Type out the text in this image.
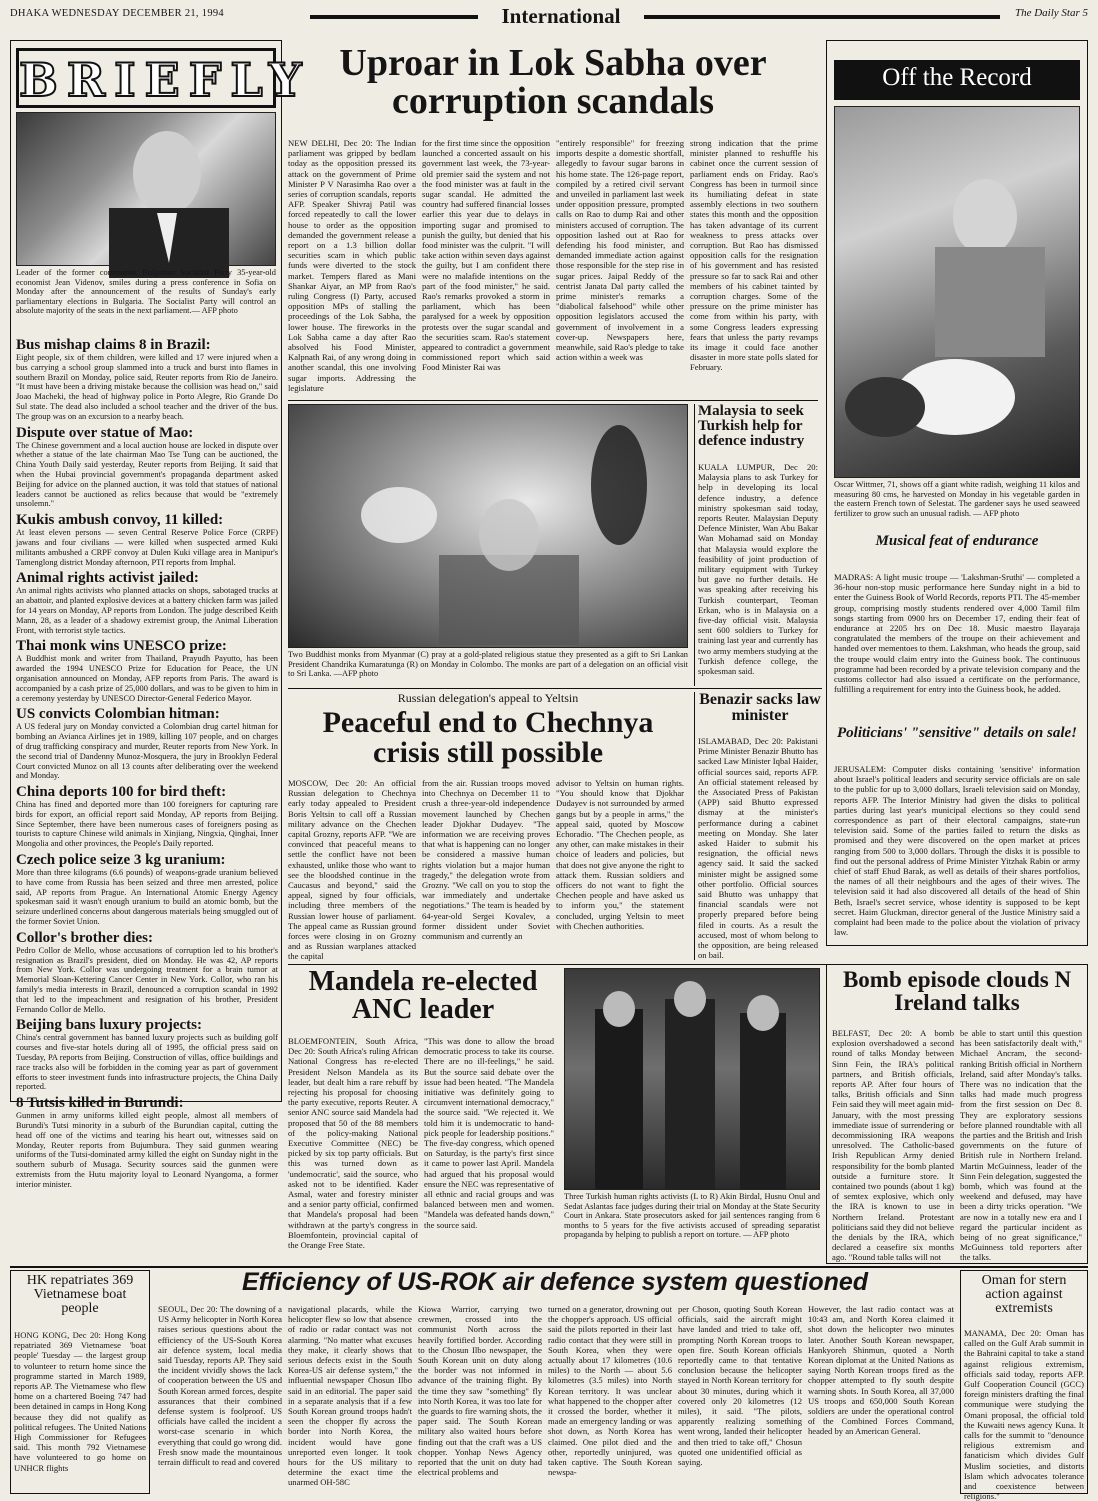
DHAKA WEDNESDAY DECEMBER 21, 1994	International	The Daily Star 5
BRIEFLY
Leader of the former communist Bulgarian Socialist Party 35-year-old economist Jean Videnov, smiles during a press conference in Sofia on Monday after the announcement of the results of Sunday's early parliamentary elections in Bulgaria. The Socialist Party will control an absolute majority of the seats in the next parliament.— AFP photo
Bus mishap claims 8 in Brazil:
Eight people, six of them children, were killed and 17 were injured when a bus carrying a school group slammed into a truck and burst into flames in southern Brazil on Monday, police said, Reuter reports from Rio de Janeiro. "It must have been a driving mistake because the collision was head on," said Joao Macheki, the head of highway police in Porto Alegre, Rio Grande Do Sul state. The dead also included a school teacher and the driver of the bus. The group was on an excursion to a nearby beach.
Dispute over statue of Mao:
The Chinese government and a local auction house are locked in dispute over whether a statue of the late chairman Mao Tse Tung can be auctioned, the China Youth Daily said yesterday, Reuter reports from Beijing. It said that when the Hubai provincial government's propaganda department asked Beijing for advice on the planned auction, it was told that statues of national leaders cannot be auctioned as relics because that would be "extremely unsolemn."
Kukis ambush convoy, 11 killed:
At least eleven persons — seven Central Reserve Police Force (CRPF) jawans and four civilians — were killed when suspected armed Kuki militants ambushed a CRPF convoy at Dulen Kuki village area in Manipur's Tamenglong district Monday afternoon, PTI reports from Imphal.
Animal rights activist jailed:
An animal rights activists who planned attacks on shops, sabotaged trucks at an abattoir, and planted explosive devices at a battery chicken farm was jailed for 14 years on Monday, AP reports from London. The judge described Keith Mann, 28, as a leader of a shadowy extremist group, the Animal Liberation Front, with terrorist style tactics.
Thai monk wins UNESCO prize:
A Buddhist monk and writer from Thailand, Prayudh Payutto, has been awarded the 1994 UNESCO Prize for Education for Peace, the UN organisation announced on Monday, AFP reports from Paris. The award is accompanied by a cash prize of 25,000 dollars, and was to be given to him in a ceremony yesterday by UNESCO Director-General Federico Mayor.
US convicts Colombian hitman:
A US federal jury on Monday convicted a Colombian drug cartel hitman for bombing an Avianca Airlines jet in 1989, killing 107 people, and on charges of drug trafficking conspiracy and murder, Reuter reports from New York. In the second trial of Dandenny Munoz-Mosquera, the jury in Brooklyn Federal Court convicted Munoz on all 13 counts after deliberating over the weekend and Monday.
China deports 100 for bird theft:
China has fined and deported more than 100 foreigners for capturing rare birds for export, an official report said Monday, AP reports from Beijing. Since September, there have been numerous cases of foreigners posing as tourists to capture Chinese wild animals in Xinjiang, Ningxia, Qinghai, Inner Mongolia and other provinces, the People's Daily reported.
Czech police seize 3 kg uranium:
More than three kilograms (6.6 pounds) of weapons-grade uranium believed to have come from Russia has been seized and three men arrested, police said, AP reports from Prague. An International Atomic Energy Agency spokesman said it wasn't enough uranium to build an atomic bomb, but the seizure underlined concerns about dangerous materials being smuggled out of the former Soviet Union.
Collor's brother dies:
Pedro Collor de Mello, whose accusations of corruption led to his brother's resignation as Brazil's president, died on Monday. He was 42, AP reports from New York. Collor was undergoing treatment for a brain tumor at Memorial Sloan-Kettering Cancer Center in New York. Collor, who ran his family's media interests in Brazil, denounced a corruption scandal in 1992 that led to the impeachment and resignation of his brother, President Fernando Collor de Mello.
Beijing bans luxury projects:
China's central government has banned luxury projects such as building golf courses and five-star hotels during all of 1995, the official press said on Tuesday, PA reports from Beijing. Construction of villas, office buildings and race tracks also will be forbidden in the coming year as part of government efforts to steer investment funds into infrastructure projects, the China Daily reported.
8 Tutsis killed in Burundi:
Gunmen in army uniforms killed eight people, almost all members of Burundi's Tutsi minority in a suburb of the Burundian capital, cutting the head off one of the victims and tearing his heart out, witnesses said on Monday, Reuter reports from Bujumbura. They said gunmen wearing uniforms of the Tutsi-dominated army killed the eight on Sunday night in the southern suburb of Musaga. Security sources said the gunmen were extremists from the Hutu majority loyal to Leonard Nyangoma, a former interior minister.
Uproar in Lok Sabha over corruption scandals
NEW DELHI, Dec 20: The Indian parliament was gripped by bedlam today as the opposition pressed its attack on the government of Prime Minister P V Narasimha Rao over a series of corruption scandals, reports AFP. Speaker Shivraj Patil was forced repeatedly to call the lower house to order as the opposition demanded the government release a report on a 1.3 billion dollar securities scam in which public funds were diverted to the stock market. Tempers flared as Mani Shankar Aiyar, an MP from Rao's ruling Congress (I) Party, accused opposition MPs of stalling the proceedings of the Lok Sabha, the lower house. The fireworks in the Lok Sabha came a day after Rao absolved his Food Minister, Kalpnath Rai, of any wrong doing in another scandal, this one involving sugar imports. Addressing the legislature
for the first time since the opposition launched a concerted assault on his government last week, the 73-year-old premier said the system and not the food minister was at fault in the sugar scandal. He admitted the country had suffered financial losses earlier this year due to delays in importing sugar and promised to punish the guilty, but denied that his food minister was the culprit. "I will take action within seven days against the guilty, but I am confident there were no malafide intentions on the part of the food minister," he said. Rao's remarks provoked a storm in parliament, which has been paralysed for a week by opposition protests over the sugar scandal and the securities scam. Rao's statement appeared to contradict a government commissioned report which said Food Minister Rai was
"entirely responsible" for freezing imports despite a domestic shortfall, allegedly to favour sugar barons in his home state. The 126-page report, compiled by a retired civil servant and unveiled in parliament last week under opposition pressure, prompted calls on Rao to dump Rai and other ministers accused of corruption. The opposition lashed out at Rao for defending his food minister, and demanded immediate action against those responsible for the step rise in sugar prices. Jaipal Reddy of the centrist Janata Dal party called the prime minister's remarks a "diabolical falsehood" while other opposition legislators accused the government of involvement in a cover-up. Newspapers here, meanwhile, said Rao's pledge to take action within a week was
strong indication that the prime minister planned to reshuffle his cabinet once the current session of parliament ends on Friday. Rao's Congress has been in turmoil since its humiliating defeat in state assembly elections in two southern states this month and the opposition has taken advantage of its current weakness to press attacks over corruption. But Rao has dismissed opposition calls for the resignation of his government and has resisted pressure so far to sack Rai and other members of his cabinet tainted by corruption charges. Some of the pressure on the prime minister has come from within his party, with some Congress leaders expressing fears that unless the party revamps its image it could face another disaster in more state polls slated for February.
Two Buddhist monks from Myanmar (C) pray at a gold-plated religious statue they presented as a gift to Sri Lankan President Chandrika Kumaratunga (R) on Monday in Colombo. The monks are part of a delegation on an official visit to Sri Lanka. —AFP photo
Malaysia to seek Turkish help for defence industry
KUALA LUMPUR, Dec 20: Malaysia plans to ask Turkey for help in developing its local defence industry, a defence ministry spokesman said today, reports Reuter. Malaysian Deputy Defence Minister, Wan Abu Bakar Wan Mohamad said on Monday that Malaysia would explore the feasibility of joint production of military equipment with Turkey but gave no further details. He was speaking after receiving his Turkish counterpart, Teoman Erkan, who is in Malaysia on a five-day official visit. Malaysia sent 600 soldiers to Turkey for training last year and currently has two army members studying at the Turkish defence college, the spokesman said.
Off the Record
Oscar Wittmer, 71, shows off a giant white radish, weighing 11 kilos and measuring 80 cms, he harvested on Monday in his vegetable garden in the eastern French town of Selestat. The gardener says he used seaweed fertilizer to grow such an unusual radish. — AFP photo
Musical feat of endurance
MADRAS: A light music troupe — 'Lakshman-Sruthi' — completed a 36-hour non-stop music performance here Sunday night in a bid to enter the Guiness Book of World Records, reports PTI. The 45-member group, comprising mostly students rendered over 4,000 Tamil film songs starting from 0900 hrs on December 17, ending their feat of endurance at 2205 hrs on Dec 18. Music maestro Ilayaraja congratulated the members of the troupe on their achievement and handed over mementoes to them. Lakshman, who heads the group, said the troupe would claim entry into the Guiness book. The continuous programme had been recorded by a private television company and the customs collector had also issued a certificate on the performance, fulfilling a requirement for entry into the Guiness book, he added.
Politicians' "sensitive" details on sale!
JERUSALEM: Computer disks containing 'sensitive' information about Israel's political leaders and security service officials are on sale to the public for up to 3,000 dollars, Israeli television said on Monday, reports AFP. The Interior Ministry had given the disks to political parties during last year's municipal elections so they could send correspondence as part of their electoral campaigns, state-run television said. Some of the parties failed to return the disks as promised and they were discovered on the open market at prices ranging from 500 to 3,000 dollars. Through the disks it is possible to find out the personal address of Prime Minister Yitzhak Rabin or army chief of staff Ehud Barak, as well as details of their shares portfolios, the names of all their neighbours and the ages of their wives. The television said it had also discovered all details of the head of Shin Beth, Israel's secret service, whose identity is supposed to be kept secret. Haim Gluckman, director general of the Justice Ministry said a complaint had been made to the police about the violation of privacy law.
Russian delegation's appeal to Yeltsin
Peaceful end to Chechnya crisis still possible
MOSCOW, Dec 20: An official Russian delegation to Chechnya early today appealed to President Boris Yeltsin to call off a Russian military advance on the Chechen capital Grozny, reports AFP. "We are convinced that peaceful means to settle the conflict have not been exhausted, unlike those who want to see the bloodshed continue in the Caucasus and beyond," said the appeal, signed by four officials, including three members of the Russian lower house of parliament. The appeal came as Russian ground forces were closing in on Grozny and as Russian warplanes attacked the capital
from the air. Russian troops moved into Chechnya on December 11 to crush a three-year-old independence movement launched by Chechen leader Djokhar Dudayev. "The information we are receiving proves that what is happening can no longer be considered a massive human rights violation but a major human tragedy," the delegation wrote from Grozny. "We call on you to stop the war immediately and undertake negotiations." The team is headed by 64-year-old Sergei Kovalev, a former dissident under Soviet communism and currently an
advisor to Yeltsin on human rights. "You should know that Djokhar Dudayev is not surrounded by armed gangs but by a people in arms," the appeal said, quoted by Moscow Echoradio. "The Chechen people, as any other, can make mistakes in their choice of leaders and policies, but that does not give anyone the right to attack them. Russian soldiers and officers do not want to fight the Chechen people and have asked us to inform you," the statement concluded, urging Yeltsin to meet with Chechen authorities.
Benazir sacks law minister
ISLAMABAD, Dec 20: Pakistani Prime Minister Benazir Bhutto has sacked Law Minister Iqbal Haider, official sources said, reports AFP. An official statement released by the Associated Press of Pakistan (APP) said Bhutto expressed dismay at the minister's performance during a cabinet meeting on Monday. She later asked Haider to submit his resignation, the official news agency said. It said the sacked minister might be assigned some other portfolio. Official sources said Bhutto was unhappy that financial scandals were not properly prepared before being filed in courts. As a result the accused, most of whom belong to the opposition, are being released on bail.
Mandela re-elected ANC leader
BLOEMFONTEIN, South Africa, Dec 20: South Africa's ruling African National Congress has re-elected President Nelson Mandela as its leader, but dealt him a rare rebuff by rejecting his proposal for choosing the party executive, reports Reuter. A senior ANC source said Mandela had proposed that 50 of the 88 members of the policy-making National Executive Committee (NEC) be picked by six top party officials. But this was turned down as 'undemocratic', said the source, who asked not to be identified. Kader Asmal, water and forestry minister and a senior party official, confirmed that Mandela's proposal had been withdrawn at the party's congress in Bloemfontein, provincial capital of the Orange Free State.
"This was done to allow the broad democratic process to take its course. There are no ill-feelings," he said. But the source said debate over the issue had been heated. "The Mandela initiative was definitely going to circumvent international democracy," the source said. "We rejected it. We told him it is undemocratic to hand-pick people for leadership positions." The five-day congress, which opened on Saturday, is the party's first since it came to power last April. Mandela had argued that his proposal would ensure the NEC was representative of all ethnic and racial groups and was balanced between men and women. "Mandela was defeated hands down," the source said.
Three Turkish human rights activists (L to R) Akin Birdal, Husnu Onul and Sedat Aslantas face judges during their trial on Monday at the State Security Court in Ankara. State prosecutors asked for jail sentences ranging from 6 months to 5 years for the five activists accused of spreading separatist propaganda by helping to publish a report on torture. — AFP photo
Bomb episode clouds N Ireland talks
BELFAST, Dec 20: A bomb explosion overshadowed a second round of talks Monday between Sinn Fein, the IRA's political partners, and British officials, reports AP. After four hours of talks, British officials and Sinn Fein said they will meet again mid-January, with the most pressing immediate issue of surrendering or decommissioning IRA weapons unresolved. The Catholic-based Irish Republican Army denied responsibility for the bomb planted outside a furniture store. It contained two pounds (about 1 kg) of semtex explosive, which only the IRA is known to use in Northern Ireland. Protestant politicians said they did not believe the denials by the IRA, which declared a ceasefire six months ago. "Round table talks will not
be able to start until this question has been satisfactorily dealt with," Michael Ancram, the second-ranking British official in Northern Ireland, said after Monday's talks. There was no indication that the talks had made much progress from the first session on Dec 8. They are exploratory sessions before planned roundtable with all the parties and the British and Irish governments on the future of British rule in Northern Ireland. Martin McGuinness, leader of the Sinn Fein delegation, suggested the bomb, which was found at the weekend and defused, may have been a dirty tricks operation. "We are now in a totally new era and I regard the particular incident as being of no great significance," McGuinness told reporters after the talks.
HK repatriates 369 Vietnamese boat people
HONG KONG, Dec 20: Hong Kong repatriated 369 Vietnamese 'boat people' Tuesday — the largest group to volunteer to return home since the programme started in March 1989, reports AP. The Vietnamese who flew home on a chartered Boeing 747 had been detained in camps in Hong Kong because they did not qualify as political refugees. The United Nations High Commissioner for Refugees said. This month 792 Vietnamese have volunteered to go home on UNHCR flights
Efficiency of US-ROK air defence system questioned
SEOUL, Dec 20: The downing of a US Army helicopter in North Korea raises serious questions about the efficiency of the US-South Korea air defence system, local media said Tuesday, reports AP. They said the incident vividly shows the lack of cooperation between the US and South Korean armed forces, despite assurances that their combined defense system is foolproof. US officials have called the incident a worst-case scenario in which everything that could go wrong did. Fresh snow made the mountainous terrain difficult to read and covered
navigational placards, while the helicopter flew so low that absence of radio or radar contact was not alarming. "No matter what excuses they make, it clearly shows that serious defects exist in the South Korea-US air defense system," the influential newspaper Chosun Ilbo said in an editorial. The paper said in a separate analysis that if a few South Korean ground troops hadn't seen the chopper fly across the border into North Korea, the incident would have gone unreported even longer. It took hours for the US military to determine the exact time the unarmed OH-58C
Kiowa Warrior, carrying two crewmen, crossed into the communist North across the heavily fortified border. According to the Chosun Ilbo newspaper, the South Korean unit on duty along the border was not informed in advance of the training flight. By the time they saw "something" fly into North Korea, it was too late for the guards to fire warning shots, the paper said. The South Korean military also waited hours before finding out that the craft was a US chopper. Yonhap News Agency reported that the unit on duty had electrical problems and
turned on a generator, drowning out the chopper's approach. US official said the pilots reported in their last radio contact that they were still in South Korea, when they were actually about 17 kilometres (10.6 miles) to the North — about 5.6 kilometres (3.5 miles) into North Korean territory. It was unclear what happened to the chopper after it crossed the border, whether it made an emergency landing or was shot down, as North Korea has claimed. One pilot died and the other, reportedly uninjured, was taken captive. The South Korean newspa-
per Choson, quoting South Korean officials, said the aircraft might have landed and tried to take off, prompting North Korean troops to open fire. South Korean officials reportedly came to that tentative conclusion because the helicopter stayed in North Korean territory for about 30 minutes, during which it covered only 20 kilometres (12 miles), it said. "The pilots, apparently realizing something went wrong, landed their helicopter and then tried to take off," Chosun quoted one unidentified official as saying.
However, the last radio contact was at 10:43 am, and North Korea claimed it shot down the helicopter two minutes later. Another South Korean newspaper, Hankyoreh Shinmun, quoted a North Korean diplomat at the United Nations as saying North Korean troops fired as the chopper attempted to fly south despite warning shots. In South Korea, all 37,000 US troops and 650,000 South Korean soldiers are under the operational control of the Combined Forces Command, headed by an American General.
Oman for stern action against extremists
MANAMA, Dec 20: Oman has called on the Gulf Arab summit in the Bahraini capital to take a stand against religious extremism, officials said today, reports AFP. Gulf Cooperation Council (GCC) foreign ministers drafting the final communique were studying the Omani proposal, the official told the Kuwaiti news agency Kuna. It calls for the summit to "denounce religious extremism and fanaticism which divides Gulf Muslim societies, and distorts Islam which advocates tolerance and coexistence between religions."
